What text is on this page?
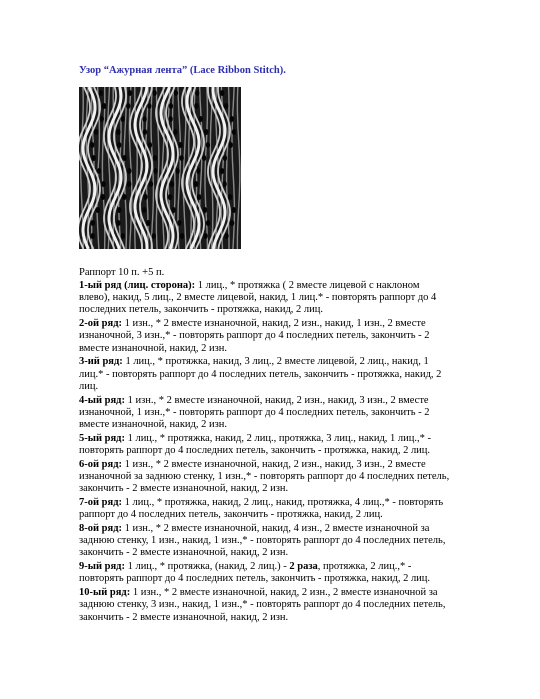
Узор “Ажурная лента” (Lace Ribbon Stitch).
Раппорт 10 п. +5 п.

1-ый ряд (лиц. сторона): 1 лиц., * протяжка ( 2 вместе лицевой с наклоном влево), накид, 5 лиц., 2 вместе лицевой, накид, 1 лиц.* - повторять раппорт до 4 последних петель, закончить - протяжка, накид, 2 лиц.

2-ой ряд: 1 изн., * 2 вместе изнаночной, накид, 2 изн., накид, 1 изн., 2 вместе изнаночной, 3 изн.,* - повторять раппорт до 4 последних петель, закончить - 2 вместе изнаночной, накид, 2 изн.

3-ий ряд: 1 лиц., * протяжка, накид, 3 лиц., 2 вместе лицевой, 2 лиц., накид, 1 лиц.* - повторять раппорт до 4 последних петель, закончить - протяжка, накид, 2 лиц.

4-ый ряд: 1 изн., * 2 вместе изнаночной, накид, 2 изн., накид, 3 изн., 2 вместе изнаночной, 1 изн.,* - повторять раппорт до 4 последних петель, закончить - 2 вместе изнаночной, накид, 2 изн.

5-ый ряд: 1 лиц., * протяжка, накид, 2 лиц., протяжка, 3 лиц., накид, 1 лиц.,* - повторять раппорт до 4 последних петель, закончить - протяжка, накид, 2 лиц.

6-ой ряд: 1 изн., * 2 вместе изнаночной, накид, 2 изн., накид, 3 изн., 2 вместе изнаночной за заднюю стенку, 1 изн.,* - повторять раппорт до 4 последних петель, закончить - 2 вместе изнаночной, накид, 2 изн.

7-ой ряд: 1 лиц., * протяжка, накид, 2 лиц., накид, протяжка, 4 лиц.,* - повторять раппорт до 4 последних петель, закончить - протяжка, накид, 2 лиц.

8-ой ряд: 1 изн., * 2 вместе изнаночной, накид, 4 изн., 2 вместе изнаночной за заднюю стенку, 1 изн., накид, 1 изн.,* - повторять раппорт до 4 последних петель, закончить - 2 вместе изнаночной, накид, 2 изн.

9-ый ряд: 1 лиц., * протяжка, (накид, 2 лиц.) - 2 раза, протяжка, 2 лиц.,* - повторять раппорт до 4 последних петель, закончить - протяжка, накид, 2 лиц.

10-ый ряд: 1 изн., * 2 вместе изнаночной, накид, 2 изн., 2 вместе изнаночной за заднюю стенку, 3 изн., накид, 1 изн.,* - повторять раппорт до 4 последних петель, закончить - 2 вместе изнаночной, накид, 2 изн.
